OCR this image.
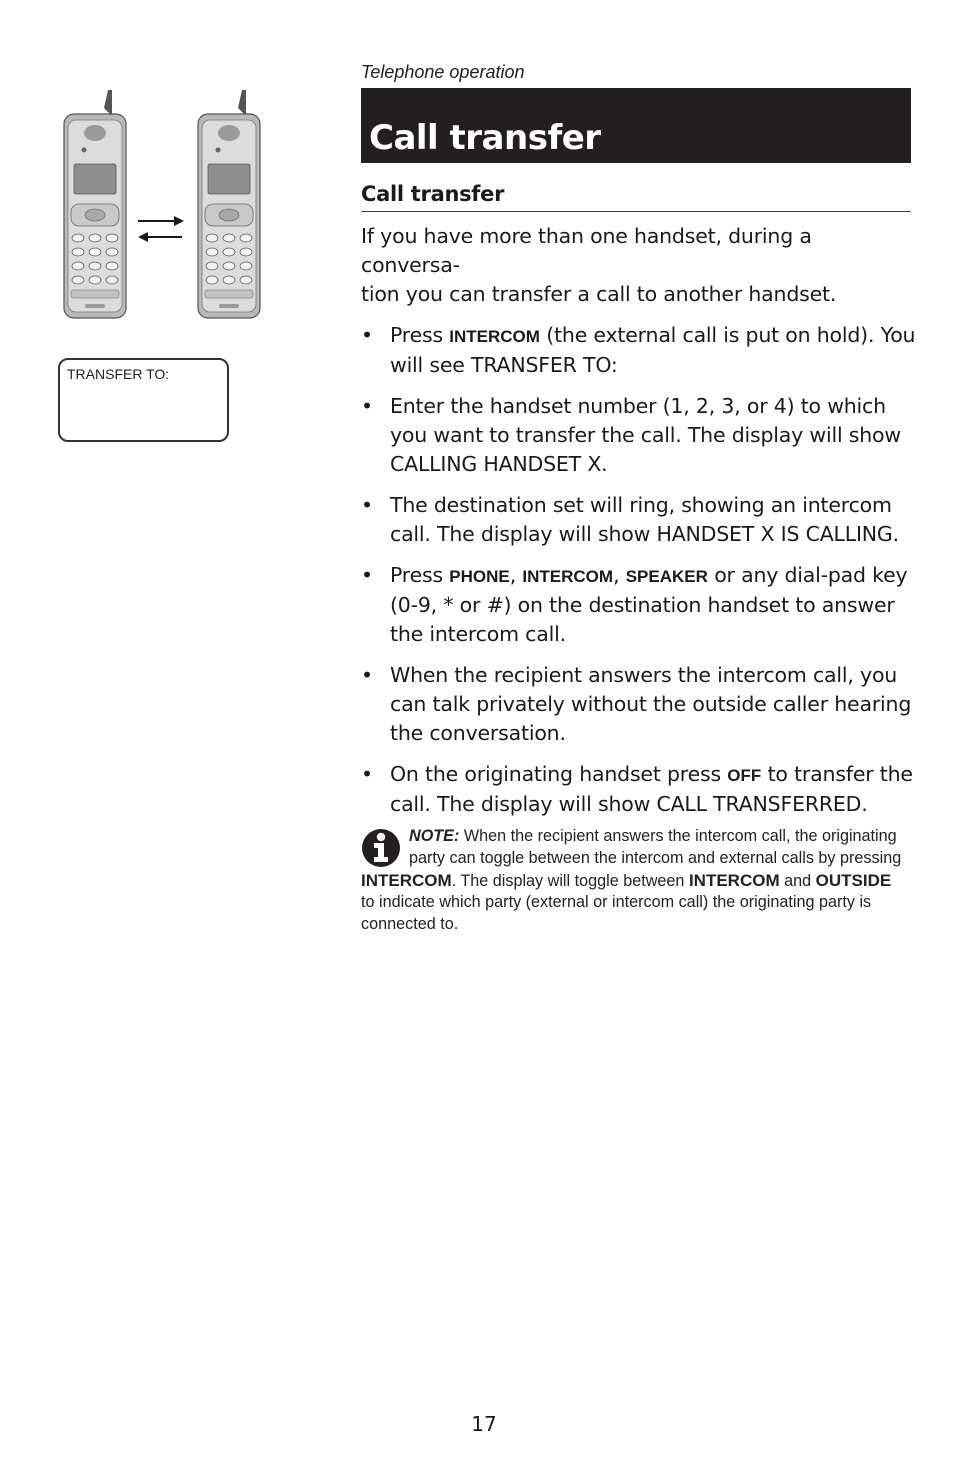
Telephone operation
Call transfer
Call transfer

If you have more than one handset, during a conversa-
tion you can transfer a call to another handset.

• Press INTERCOM (the external call is put on hold). You will see TRANSFER TO:
• Enter the handset number (1, 2, 3, or 4) to which you want to transfer the call. The display will show CALLING HANDSET X.
• The destination set will ring, showing an intercom call. The display will show HANDSET X IS CALLING.
• Press PHONE, INTERCOM, SPEAKER or any dial-pad key (0-9, * or #) on the destination handset to answer the intercom call.
• When the recipient answers the intercom call, you can talk privately without the outside caller hearing the conversation.
• On the originating handset press OFF to transfer the call. The display will show CALL TRANSFERRED.
NOTE: When the recipient answers the intercom call, the originating party can toggle between the intercom and external calls by pressing INTERCOM. The display will toggle between INTERCOM and OUTSIDE to indicate which party (external or intercom call) the originating party is connected to.
TRANSFER TO:
17
